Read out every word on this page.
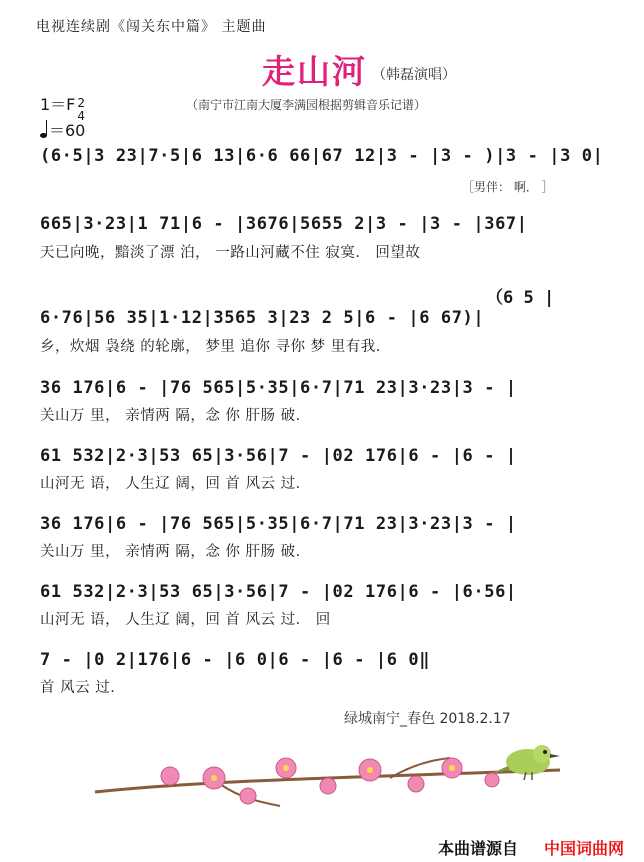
电视连续剧《闯关东中篇》 主题曲
走山河 （韩磊演唱）
1＝F 2
4
＝60
（南宁市江南大厦李满园根据剪辑音乐记谱）
(6·5|3 23|7·5|6 13|6·6 66|67 12|3 - |3 - )|3 - |3 0|
［男伴： 啊． ］
665|3·23|1 71|6 - |3676|5655 2|3 - |3 - |367|
天已向晚，黯淡了漂 泊， 一路山河藏不住 寂寞． 回望故
（6 5 |
6·76|56 35|1·12|3565 3|23 2 5|6 - |6 67)|
乡，炊烟 袅绕 的轮廓， 梦里 追你 寻你 梦 里有我．
36 176|6 - |76 565|5·35|6·7|71 23|3·23|3 - |
关山万 里， 亲情两 隔，念 你 肝肠 破．
61 532|2·3|53 65|3·56|7 - |02 176|6 - |6 - |
山河无 语， 人生辽 阔，回 首 风云 过．
36 176|6 - |76 565|5·35|6·7|71 23|3·23|3 - |
关山万 里， 亲情两 隔，念 你 肝肠 破．
61 532|2·3|53 65|3·56|7 - |02 176|6 - |6·56|
山河无 语， 人生辽 阔，回 首 风云 过． 回
7 - |0 2|176|6 - |6 0|6 - |6 - |6 0‖
首 风云 过．
绿城南宁_春色 2018.2.17
本曲谱源自 中国词曲网
